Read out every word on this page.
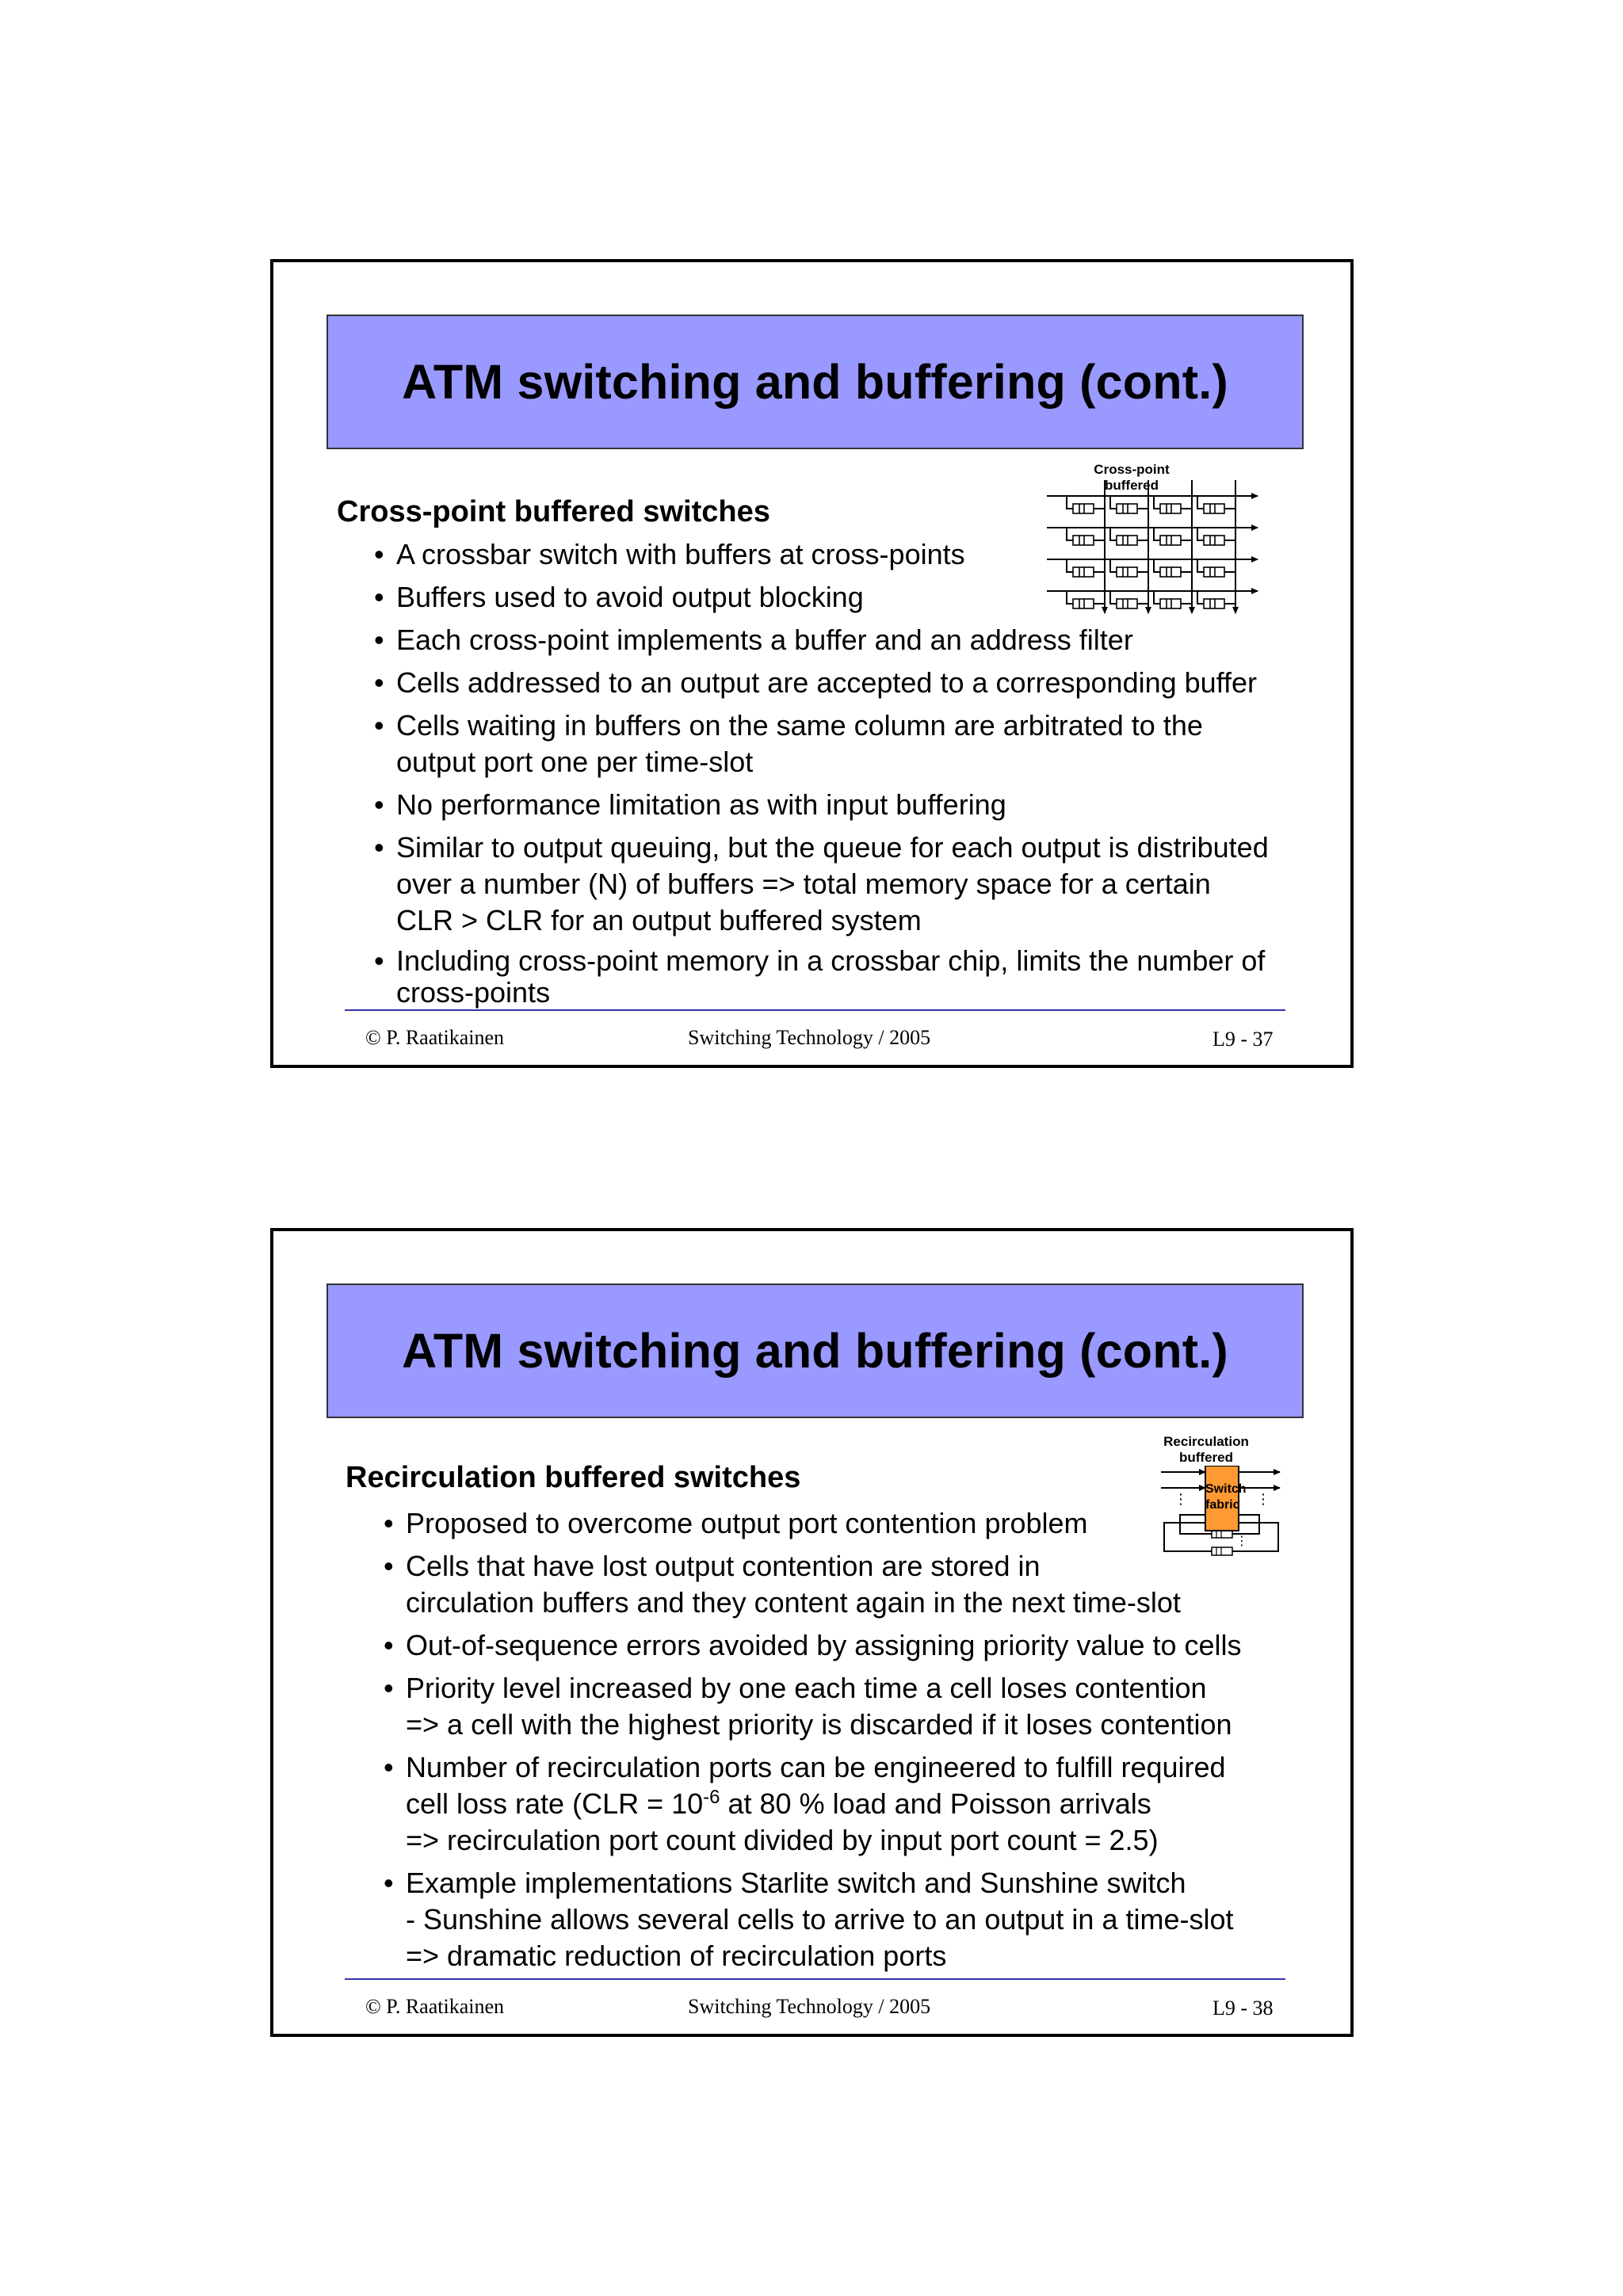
ATM switching and buffering (cont.)
Cross-point buffered
Cross-point buffered switches
• A crossbar switch with buffers at cross-points
• Buffers used to avoid output blocking
• Each cross-point implements a buffer and an address filter
• Cells addressed to an output are accepted to a corresponding buffer
• Cells waiting in buffers on the same column are arbitrated to the
output port one per time-slot
• No performance limitation as with input buffering
• Similar to output queuing, but the queue for each output is distributed
over a number (N) of buffers => total memory space for a certain
CLR > CLR for an output buffered system
• Including cross-point memory in a crossbar chip, limits the number of
cross-points
© P. Raatikainen	Switching Technology / 2005	L9 - 37
ATM switching and buffering (cont.)
Recirculation
buffered
⋮	⋮
⋮
Switch
fabric
Recirculation buffered switches
• Proposed to overcome output port contention problem
• Cells that have lost output contention are stored in
circulation buffers and they content again in the next time-slot
• Out-of-sequence errors avoided by assigning priority value to cells
• Priority level increased by one each time a cell loses contention
=> a cell with the highest priority is discarded if it loses contention
• Number of recirculation ports can be engineered to fulfill required
cell loss rate ($CLR = 10^{-6}$ at 80 % load and Poisson arrivals
=> recirculation port count divided by input port count = 2.5)
• Example implementations Starlite switch and Sunshine switch
- Sunshine allows several cells to arrive to an output in a time-slot
=> dramatic reduction of recirculation ports
© P. Raatikainen	Switching Technology / 2005	L9 - 38
